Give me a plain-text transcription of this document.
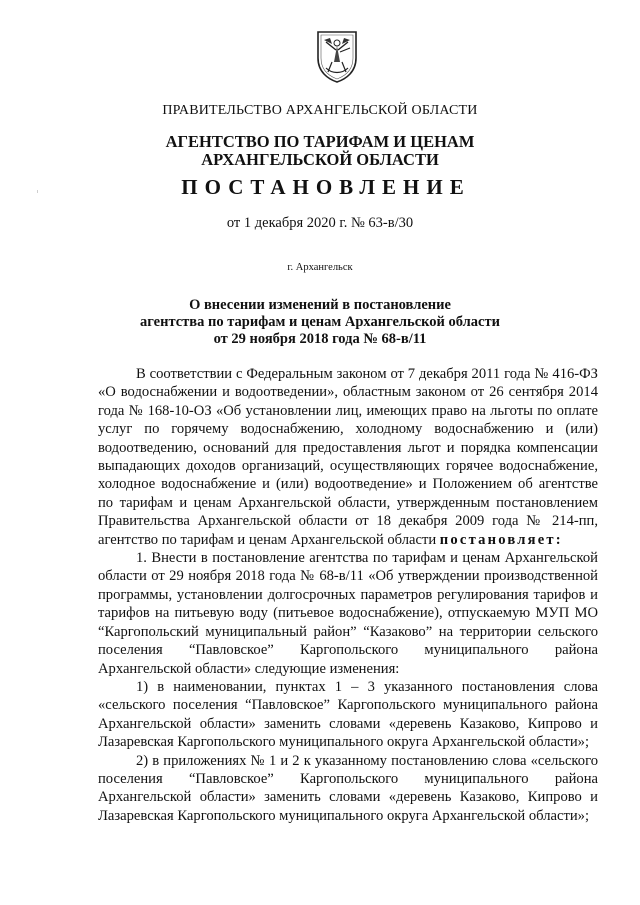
ПРАВИТЕЛЬСТВО АРХАНГЕЛЬСКОЙ ОБЛАСТИ
АГЕНТСТВО ПО ТАРИФАМ И ЦЕНАМ
АРХАНГЕЛЬСКОЙ ОБЛАСТИ
ПОСТАНОВЛЕНИЕ
от 1 декабря 2020 г. № 63-в/30
г. Архангельск
О внесении изменений в постановление
агентства по тарифам и ценам Архангельской области
от 29 ноября 2018 года № 68-в/11

В соответствии с Федеральным законом от 7 декабря 2011 года № 416-ФЗ «О водоснабжении и водоотведении», областным законом от 26 сентября 2014 года № 168-10-ОЗ «Об установлении лиц, имеющих право на льготы по оплате услуг по горячему водоснабжению, холодному водоснабжению и (или) водоотведению, оснований для предоставления льгот и порядка компенсации выпадающих доходов организаций, осуществляющих горячее водоснабжение, холодное водоснабжение и (или) водоотведение» и Положением об агентстве по тарифам и ценам Архангельской области, утвержденным постановлением Правительства Архангельской области от 18 декабря 2009 года № 214-пп, агентство по тарифам и ценам Архангельской области постановляет:

1. Внести в постановление агентства по тарифам и ценам Архангельской области от 29 ноября 2018 года № 68-в/11 «Об утверждении производственной программы, установлении долгосрочных параметров регулирования тарифов и тарифов на питьевую воду (питьевое водоснабжение), отпускаемую МУП МО “Каргопольский муниципальный район” “Казаково” на территории сельского поселения “Павловское” Каргопольского муниципального района Архангельской области» следующие изменения:

1) в наименовании, пунктах 1 – 3 указанного постановления слова «сельского поселения “Павловское” Каргопольского муниципального района Архангельской области» заменить словами «деревень Казаково, Кипрово и Лазаревская Каргопольского муниципального округа Архангельской области»;

2) в приложениях № 1 и 2 к указанному постановлению слова «сельского поселения “Павловское” Каргопольского муниципального района Архангельской области» заменить словами «деревень Казаково, Кипрово и Лазаревская Каргопольского муниципального округа Архангельской области»;
